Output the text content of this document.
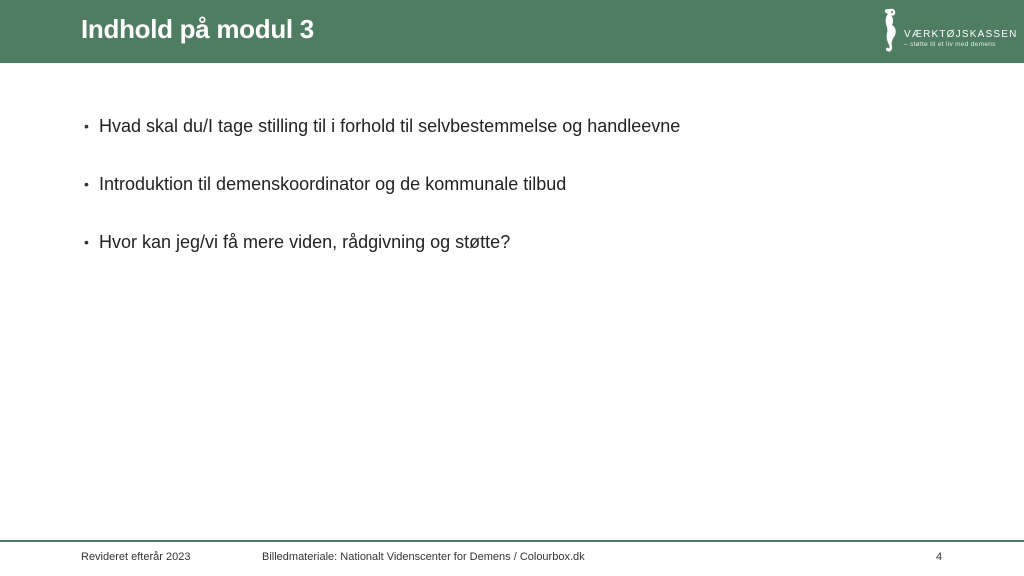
Indhold på modul 3	VÆRKTØJSKASSEN
– støtte til et liv med demens
• Hvad skal du/I tage stilling til i forhold til selvbestemmelse og handleevne
• Introduktion til demenskoordinator og de kommunale tilbud
• Hvor kan jeg/vi få mere viden, rådgivning og støtte?
Revideret efterår 2023	Billedmateriale: Nationalt Videnscenter for Demens / Colourbox.dk	4
